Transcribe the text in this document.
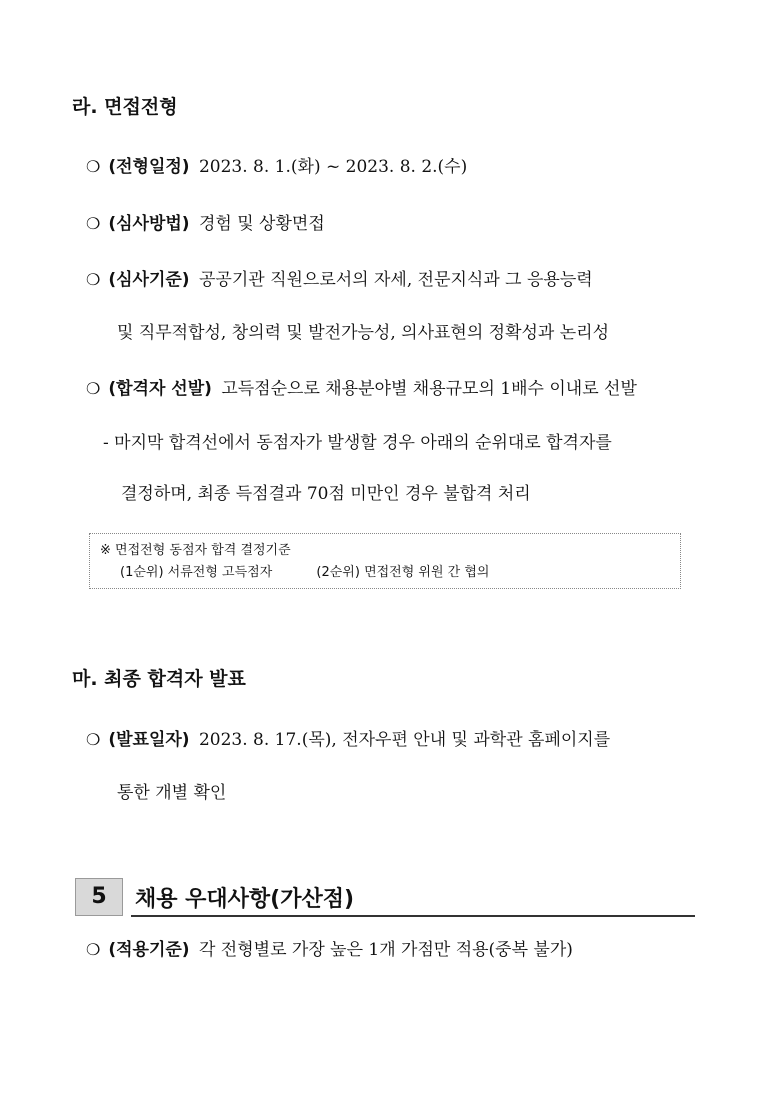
라. 면접전형
❍ (전형일정) 2023. 8. 1.(화) ~ 2023. 8. 2.(수)
❍ (심사방법) 경험 및 상황면접
❍ (심사기준) 공공기관 직원으로서의 자세, 전문지식과 그 응용능력
및 직무적합성, 창의력 및 발전가능성, 의사표현의 정확성과 논리성
❍ (합격자 선발) 고득점순으로 채용분야별 채용규모의 1배수 이내로 선발
- 마지막 합격선에서 동점자가 발생할 경우 아래의 순위대로 합격자를
결정하며, 최종 득점결과 70점 미만인 경우 불합격 처리
※ 면접전형 동점자 합격 결정기준
(1순위) 서류전형 고득점자	(2순위) 면접전형 위원 간 협의
마. 최종 합격자 발표
❍ (발표일자) 2023. 8. 17.(목), 전자우편 안내 및 과학관 홈페이지를
통한 개별 확인
5	채용 우대사항(가산점)
❍ (적용기준) 각 전형별로 가장 높은 1개 가점만 적용(중복 불가)
